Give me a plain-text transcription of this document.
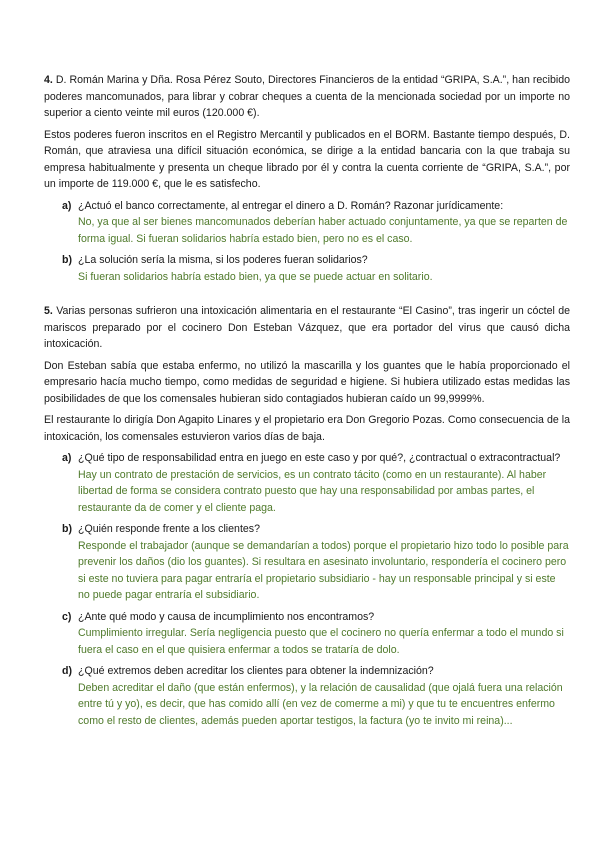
4. D. Román Marina y Dña. Rosa Pérez Souto, Directores Financieros de la entidad “GRIPA, S.A.”, han recibido poderes mancomunados, para librar y cobrar cheques a cuenta de la mencionada sociedad por un importe no superior a ciento veinte mil euros (120.000 €).

Estos poderes fueron inscritos en el Registro Mercantil y publicados en el BORM. Bastante tiempo después, D. Román, que atraviesa una difícil situación económica, se dirige a la entidad bancaria con la que trabaja su empresa habitualmente y presenta un cheque librado por él y contra la cuenta corriente de “GRIPA, S.A.”, por un importe de 119.000 €, que le es satisfecho.

a) ¿Actuó el banco correctamente, al entregar el dinero a D. Román? Razonar jurídicamente:
No, ya que al ser bienes mancomunados deberían haber actuado conjuntamente, ya que se reparten de forma igual. Si fueran solidarios habría estado bien, pero no es el caso.
b) ¿La solución sería la misma, si los poderes fueran solidarios?
Si fueran solidarios habría estado bien, ya que se puede actuar en solitario.

5. Varias personas sufrieron una intoxicación alimentaria en el restaurante “El Casino”, tras ingerir un cóctel de mariscos preparado por el cocinero Don Esteban Vázquez, que era portador del virus que causó dicha intoxicación.

Don Esteban sabía que estaba enfermo, no utilizó la mascarilla y los guantes que le había proporcionado el empresario hacía mucho tiempo, como medidas de seguridad e higiene. Si hubiera utilizado estas medidas las posibilidades de que los comensales hubieran sido contagiados hubieran caído un 99,9999%.

El restaurante lo dirigía Don Agapito Linares y el propietario era Don Gregorio Pozas. Como consecuencia de la intoxicación, los comensales estuvieron varios días de baja.

a) ¿Qué tipo de responsabilidad entra en juego en este caso y por qué?, ¿contractual o extracontractual?
Hay un contrato de prestación de servicios, es un contrato tácito (como en un restaurante). Al haber libertad de forma se considera contrato puesto que hay una responsabilidad por ambas partes, el restaurante da de comer y el cliente paga.
b) ¿Quién responde frente a los clientes?
Responde el trabajador (aunque se demandarían a todos) porque el propietario hizo todo lo posible para prevenir los daños (dio los guantes). Si resultara en asesinato involuntario, respondería el cocinero pero si este no tuviera para pagar entraría el propietario subsidiario - hay un responsable principal y si este no puede pagar entraría el subsidiario.
c) ¿Ante qué modo y causa de incumplimiento nos encontramos?
Cumplimiento irregular. Sería negligencia puesto que el cocinero no quería enfermar a todo el mundo si fuera el caso en el que quisiera enfermar a todos se trataría de dolo.
d) ¿Qué extremos deben acreditar los clientes para obtener la indemnización?
Deben acreditar el daño (que están enfermos), y la relación de causalidad (que ojalá fuera una relación entre tú y yo), es decir, que has comido allí (en vez de comerme a mi) y que tu te encuentres enfermo como el resto de clientes, además pueden aportar testigos, la factura (yo te invito mi reina)...
